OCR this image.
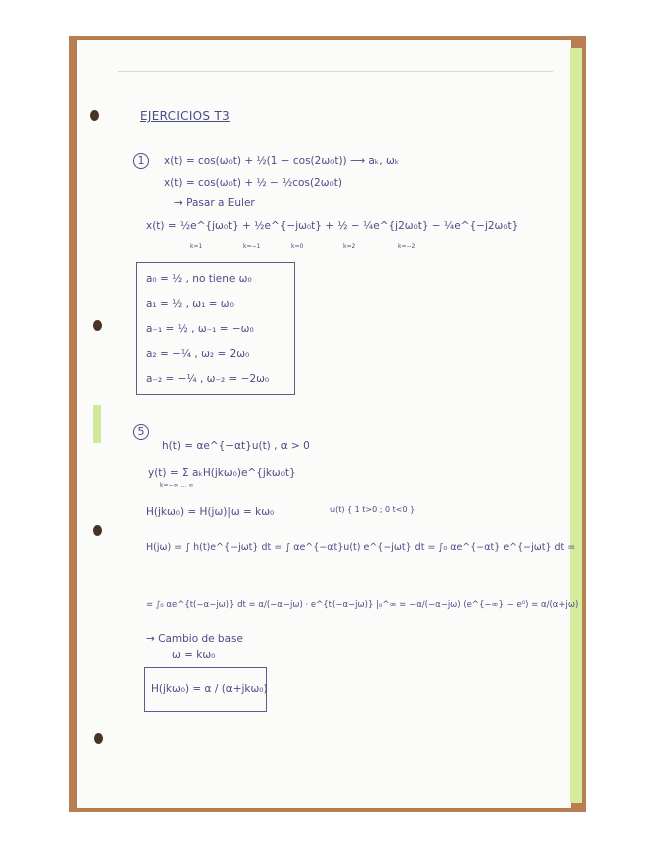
EJERCICIOS T3
1	x(t) = cos(ω₀t) + ½(1 − cos(2ω₀t)) ⟶ aₖ, ωₖ
x(t) = cos(ω₀t) + ½ − ½cos(2ω₀t)
→ Pasar a Euler
x(t) = ½e^{jω₀t} + ½e^{−jω₀t} + ½ − ¼e^{j2ω₀t} − ¼e^{−j2ω₀t}
k=1	k=−1	k=0	k=2	k=−2
a₀ = ½ , no tiene ω₀
a₁ = ½ , ω₁ = ω₀
a₋₁ = ½ , ω₋₁ = −ω₀
a₂ = −¼ , ω₂ = 2ω₀
a₋₂ = −¼ , ω₋₂ = −2ω₀
5
h(t) = αe^{−αt}u(t) , α > 0
y(t) = Σ aₖH(jkω₀)e^{jkω₀t}
k=−∞ … ∞
H(jkω₀) = H(jω)|ω = kω₀	u(t) { 1 t>0 ; 0 t<0 }
H(jω) = ∫ h(t)e^{−jωt} dt = ∫ αe^{−αt}u(t) e^{−jωt} dt = ∫₀ αe^{−αt} e^{−jωt} dt =
= ∫₀ αe^{t(−α−jω)} dt = α/(−α−jω) · e^{t(−α−jω)} |₀^∞ = −α/(−α−jω) (e^{−∞} − e⁰) = α/(α+jω)
→ Cambio de base
ω = kω₀
H(jkω₀) = α / (α+jkω₀)
